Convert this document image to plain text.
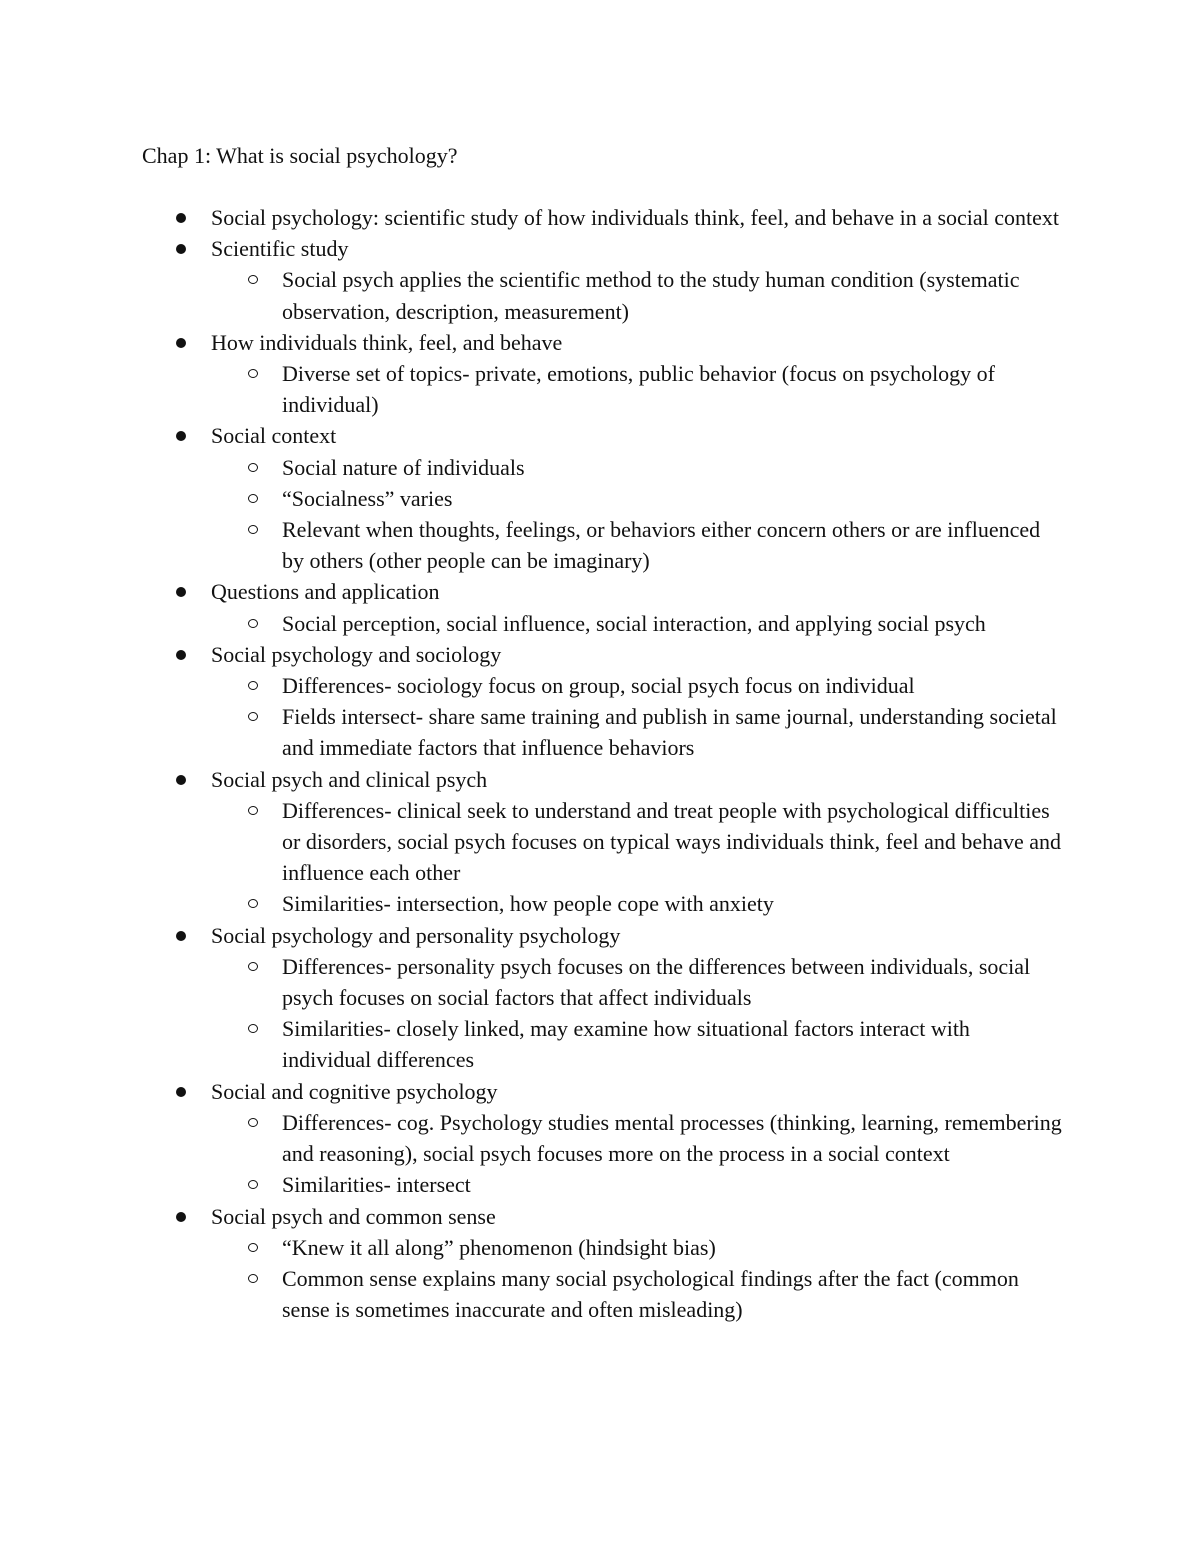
Chap 1: What is social psychology?
Social psychology: scientific study of how individuals think, feel, and behave in a social context
Scientific study
Social psych applies the scientific method to the study human condition (systematic observation, description, measurement)
How individuals think, feel, and behave
Diverse set of topics- private, emotions, public behavior (focus on psychology of individual)
Social context
Social nature of individuals
“Socialness” varies
Relevant when thoughts, feelings, or behaviors either concern others or are influenced by others (other people can be imaginary)
Questions and application
Social perception, social influence, social interaction, and applying social psych
Social psychology and sociology
Differences- sociology focus on group, social psych focus on individual
Fields intersect- share same training and publish in same journal, understanding societal and immediate factors that influence behaviors
Social psych and clinical psych
Differences- clinical seek to understand and treat people with psychological difficulties or disorders, social psych focuses on typical ways individuals think, feel and behave and influence each other
Similarities- intersection, how people cope with anxiety
Social psychology and personality psychology
Differences- personality psych focuses on the differences between individuals, social psych focuses on social factors that affect individuals
Similarities- closely linked, may examine how situational factors interact with individual differences
Social and cognitive psychology
Differences- cog. Psychology studies mental processes (thinking, learning, remembering and reasoning), social psych focuses more on the process in a social context
Similarities- intersect
Social psych and common sense
“Knew it all along” phenomenon (hindsight bias)
Common sense explains many social psychological findings after the fact (common sense is sometimes inaccurate and often misleading)
